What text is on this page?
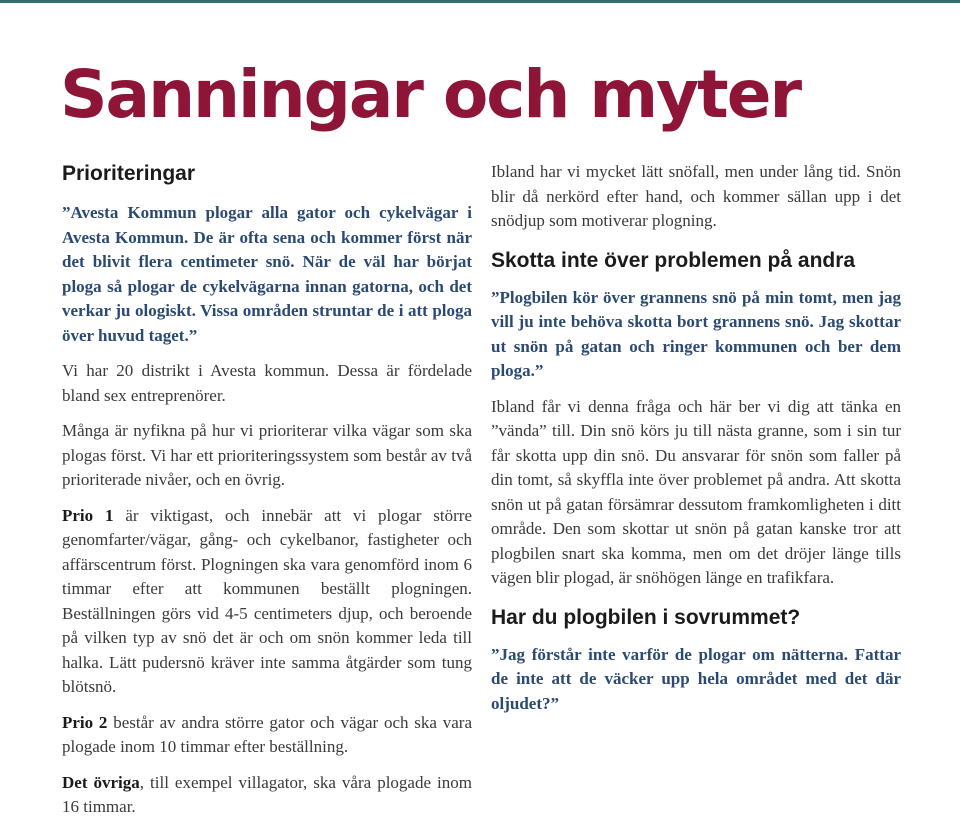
Sanningar och myter
Prioriteringar

”Avesta Kommun plogar alla gator och cykelvägar i Avesta Kommun. De är ofta sena och kommer först när det blivit flera centimeter snö. När de väl har börjat ploga så plogar de cykelvägarna innan gatorna, och det verkar ju ologiskt. Vissa områden struntar de i att ploga över huvud taget.”

Vi har 20 distrikt i Avesta kommun. Dessa är fördelade bland sex entreprenörer.

Många är nyfikna på hur vi prioriterar vilka vägar som ska plogas först. Vi har ett prioriteringssystem som består av två prioriterade nivåer, och en övrig.

Prio 1 är viktigast, och innebär att vi plogar större genomfarter/vägar, gång- och cykelbanor, fastigheter och affärscentrum först. Plogningen ska vara genomförd inom 6 timmar efter att kommunen beställt plogningen. Beställningen görs vid 4-5 centimeters djup, och beroende på vilken typ av snö det är och om snön kommer leda till halka. Lätt pudersnö kräver inte samma åtgärder som tung blötsnö.

Prio 2 består av andra större gator och vägar och ska vara plogade inom 10 timmar efter beställning.

Det övriga, till exempel villagator, ska våra plogade inom 16 timmar.

Ibland har vi mycket lätt snöfall, men under lång tid. Snön blir då nerkörd efter hand, och kommer sällan upp i det snödjup som motiverar plogning.

Skotta inte över problemen på andra

”Plogbilen kör över grannens snö på min tomt, men jag vill ju inte behöva skotta bort grannens snö. Jag skottar ut snön på gatan och ringer kommunen och ber dem ploga.”

Ibland får vi denna fråga och här ber vi dig att tänka en ”vända” till. Din snö körs ju till nästa granne, som i sin tur får skotta upp din snö. Du ansvarar för snön som faller på din tomt, så skyffla inte över problemet på andra. Att skotta snön ut på gatan försämrar dessutom framkomligheten i ditt område. Den som skottar ut snön på gatan kanske tror att plogbilen snart ska komma, men om det dröjer länge tills vägen blir plogad, är snöhögen länge en trafikfara.

Har du plogbilen i sovrummet?

”Jag förstår inte varför de plogar om nätterna. Fattar de inte att de väcker upp hela området med det där oljudet?”
